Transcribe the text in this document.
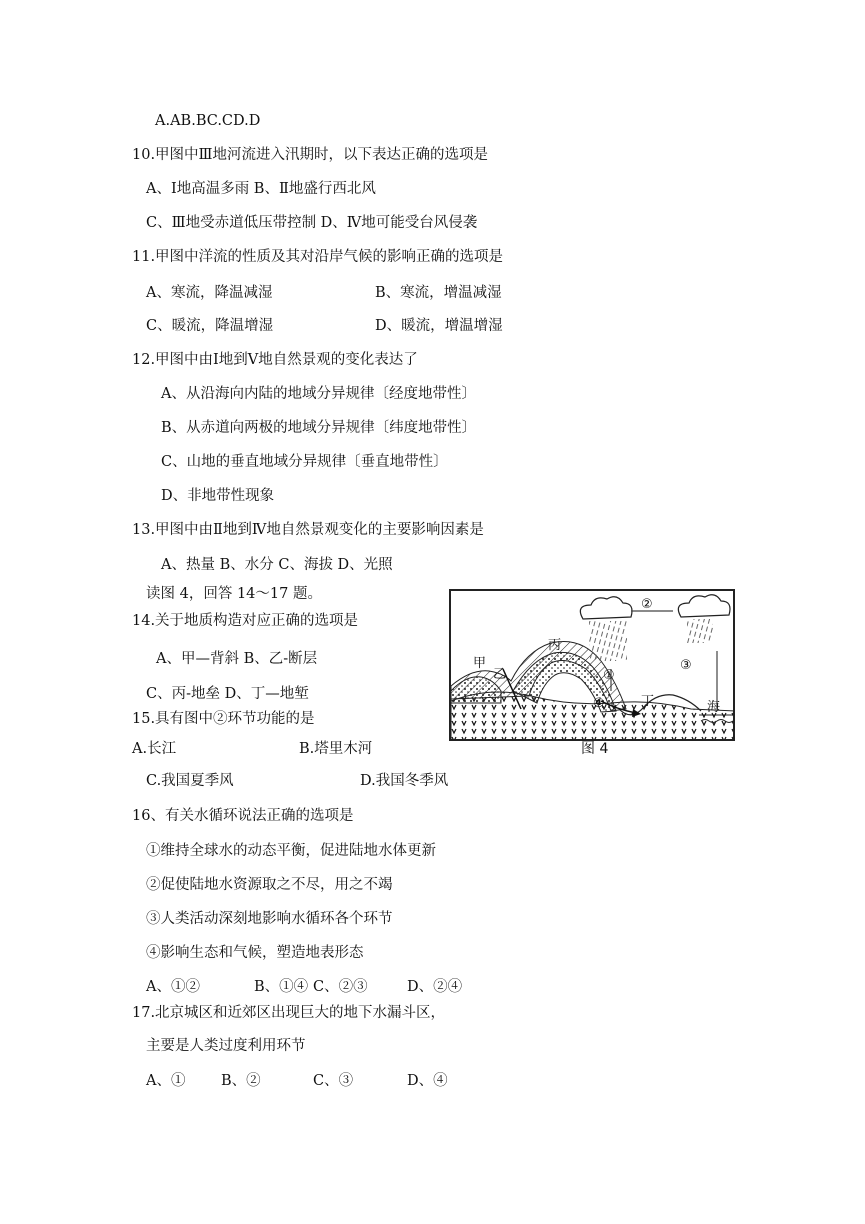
A.AB.BC.CD.D
10.甲图中Ⅲ地河流进入汛期时，以下表达正确的选项是
A、Ⅰ地高温多雨 B、Ⅱ地盛行西北风
C、Ⅲ地受赤道低压带控制 D、Ⅳ地可能受台风侵袭
11.甲图中洋流的性质及其对沿岸气候的影响正确的选项是
A、寒流，降温减湿	B、寒流，增温减湿
C、暖流，降温增湿	D、暖流，增温增湿
12.甲图中由Ⅰ地到Ⅴ地自然景观的变化表达了
A、从沿海向内陆的地域分异规律〔经度地带性〕
B、从赤道向两极的地域分异规律〔纬度地带性〕
C、山地的垂直地域分异规律〔垂直地带性〕
D、非地带性现象
13.甲图中由Ⅱ地到Ⅳ地自然景观变化的主要影响因素是
A、热量 B、水分 C、海拔 D、光照
读图 4，回答 14～17 题。
14.关于地质构造对应正确的选项是
A、甲—背斜 B、乙-断层
C、丙-地垒 D、丁—地堑
15.具有图中②环节功能的是
A.长江	B.塔里木河
C.我国夏季风	D.我国冬季风
16、有关水循环说法正确的选项是
①维持全球水的动态平衡，促进陆地水体更新
②促使陆地水资源取之不尽，用之不竭
③人类活动深刻地影响水循环各个环节
④影响生态和气候，塑造地表形态
A、①②	B、①④ C、②③	D、②④
17.北京城区和近郊区出现巨大的地下水漏斗区，
主要是人类过度利用环节
A、① B、②	C、③	D、④
甲
乙
丙
丁	海
①
②
③
④
图 4
